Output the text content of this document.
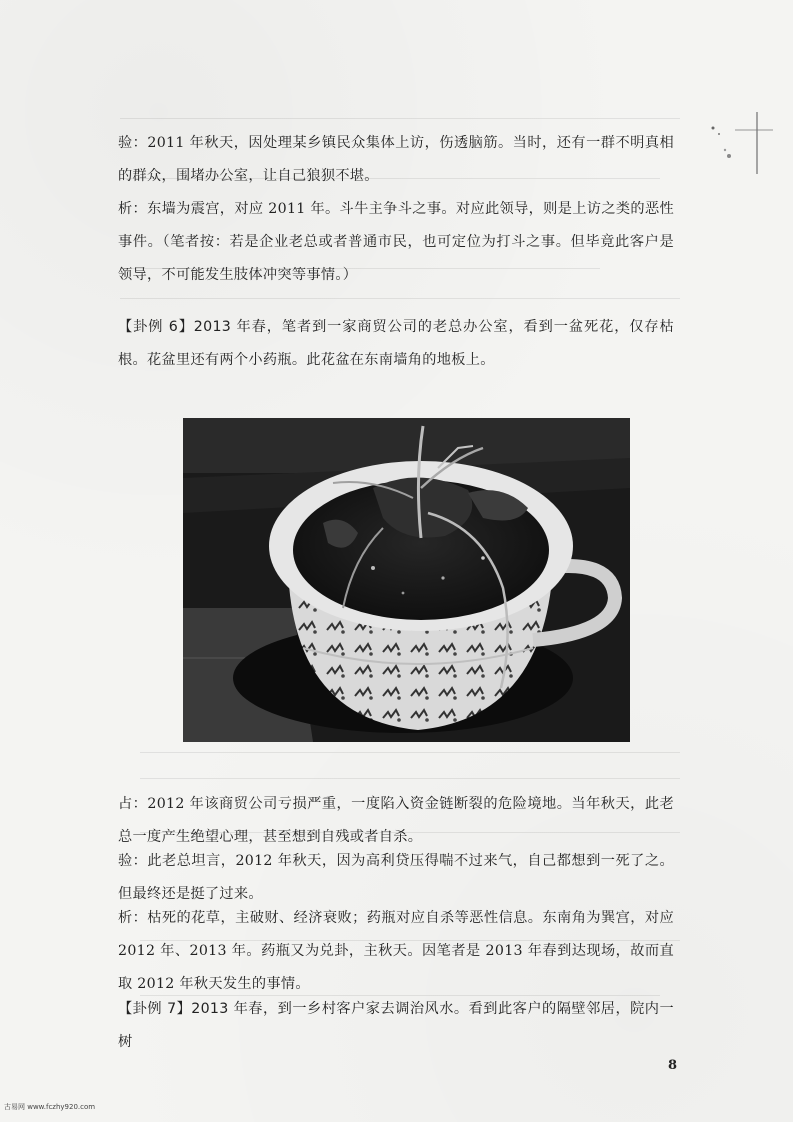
验：2011 年秋天，因处理某乡镇民众集体上访，伤透脑筋。当时，还有一群不明真相的群众，围堵办公室，让自己狼狈不堪。

析：东墙为震宫，对应 2011 年。斗牛主争斗之事。对应此领导，则是上访之类的恶性事件。（笔者按：若是企业老总或者普通市民，也可定位为打斗之事。但毕竟此客户是领导，不可能发生肢体冲突等事情。）

【卦例 6】2013 年春，笔者到一家商贸公司的老总办公室，看到一盆死花，仅存枯根。花盆里还有两个小药瓶。此花盆在东南墙角的地板上。

占：2012 年该商贸公司亏损严重，一度陷入资金链断裂的危险境地。当年秋天，此老总一度产生绝望心理，甚至想到自残或者自杀。

验：此老总坦言，2012 年秋天，因为高利贷压得喘不过来气，自己都想到一死了之。但最终还是挺了过来。

析：枯死的花草，主破财、经济衰败；药瓶对应自杀等恶性信息。东南角为巽宫，对应 2012 年、2013 年。药瓶又为兑卦，主秋天。因笔者是 2013 年春到达现场，故而直取 2012 年秋天发生的事情。

【卦例 7】2013 年春，到一乡村客户家去调治风水。看到此客户的隔壁邻居，院内一树

8
古易网 www.fczhy920.com
